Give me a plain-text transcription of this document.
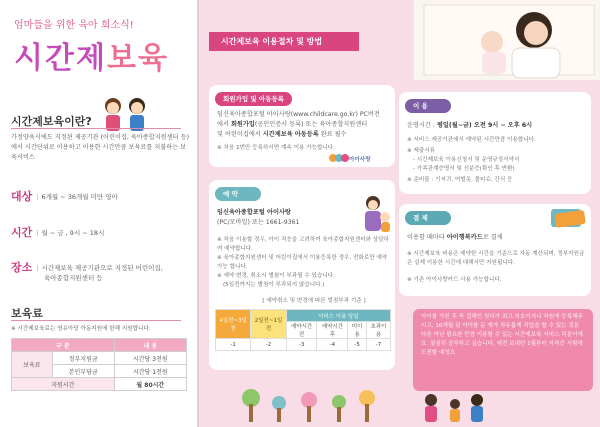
엄마들을 위한 육아 희소식!
시간제보육
시간제보육이란?
가정양육시에도 지정된 제공기관 (어린이집, 육아종합지원센터 등)에서 시간단위로 이용하고 이용한 시간만큼 보육료를 지불하는 보육서비스
대상 | 6개월 ~ 36개월 미만 영아
시간 | 월 ~ 금 , 9시 ~ 18시
장소 | 시간제보육 제공기관으로 지정된 어린이집,
육아종합지원센터 등
보육료
※ 시간제보육료는 영유아당 아동지원에 한해 지원합니다.
구 분		내 용
보육료	정부지원금	시간당 3천원
	본인부담금	시간당 1천원
지원시간		월 80시간
시간제보육 이용절차 및 방법
회원가입 및 아동등록
임신육아종합포털 아이사랑(www.childcare.go.kr) PC버전
에서 회원가입(공인인증서 등록) 또는 육아종합지원센터
및 어린이집에서 시간제보육 아동등록 완료 필수
※ 처음 1번만 등록하시면 계속 이용 가능합니다.
아이사랑
예 약
임신육아종합포털 아이사랑
(PC/모바일) 또는 1661-9361
※ 처음 이용할 경우, 아이 적응을 고려하여 육아종합지원센터와 상담하여 예약합니다.
※ 육아종합지원센터 및 어린이집에서 이용등록한 경우, 전화로만 예약 가능 합니다.
※ 예약 변경, 취소시 별첨이 부과될 수 있습니다.
(5일전까지는 별첨이 부과되지 않습니다.)
[ 예약취소 및 변경에 따른 벌점부과 기준 ]
4일전~3일전	2일전~1일전	서비스 이용 당일			
		예약시간 전	예약시간 후	미이용	초과이용
-1	-2	-3	-4	-5	-7
이 용
운영시간 : 평일(월~금) 오전 9시 ~ 오후 6시
※ 서비스 제공기관에서 예약된 시간만큼 이용합니다.
※ 제출서류
- 시간제보육 이용신청서 및 운영규정서약서
- 가족관계증명서 및 신분증(확인 후 반환)
※ 준비물 : 기저귀, 여벌옷, 물티슈, 간식 등
결 제
이용함 때마다 아이행복카드로 결제
※ 시간제보육 비용은 예약한 시간을 기준으로 자동 계산되며, 정부지원금은 실제 이용한 시간에 대해서만 지원됩니다.
※ 기존 아이사랑카드 사용 가능합니다.
아이를 가진 후 꼭 걸해인 첫다가 최고 의호이지니 차원에 등록해주시고, 10개월 된 아이를 둔 재가 자유롭게 작업을 할 수 있는 것은 다음 아닌 필요한 만큼 이용할 수 있는 시간제보육 서비스 덕분이에요. 열심히 공부하고 싶습니다, 예전 보내던 1월부터 자격증 시험에 도전할 예정요.
